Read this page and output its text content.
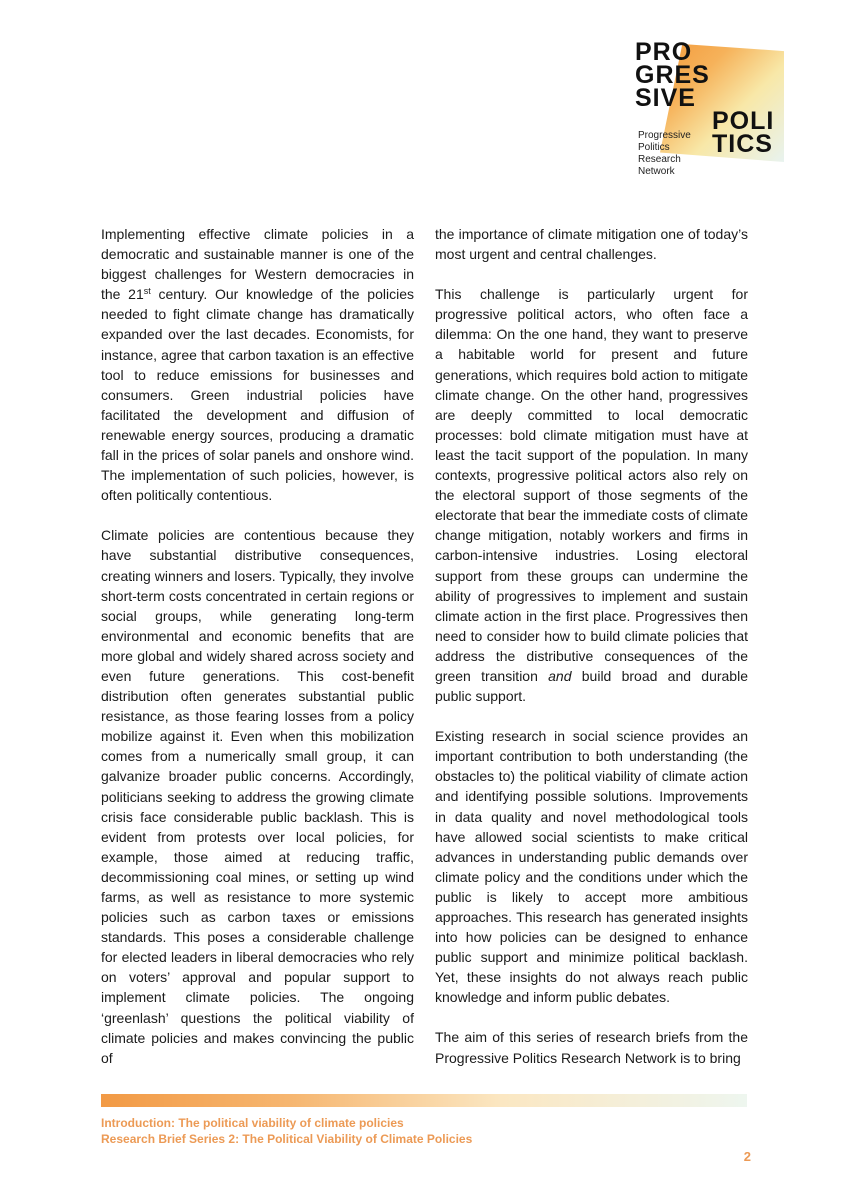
PRO
GRES
SIVE
POLI
TICS
Progressive
Politics
Research
Network

Implementing effective climate policies in a democratic and sustainable manner is one of the biggest challenges for Western democracies in the 21st century. Our knowledge of the policies needed to fight climate change has dramatically expanded over the last decades. Economists, for instance, agree that carbon taxation is an effective tool to reduce emissions for businesses and consumers. Green industrial policies have facilitated the development and diffusion of renewable energy sources, producing a dramatic fall in the prices of solar panels and onshore wind. The implementation of such policies, however, is often politically contentious.

Climate policies are contentious because they have substantial distributive consequences, creating winners and losers. Typically, they involve short-term costs concentrated in certain regions or social groups, while generating long-term environmental and economic benefits that are more global and widely shared across society and even future generations. This cost-benefit distribution often generates substantial public resistance, as those fearing losses from a policy mobilize against it. Even when this mobilization comes from a numerically small group, it can galvanize broader public concerns. Accordingly, politicians seeking to address the growing climate crisis face considerable public backlash. This is evident from protests over local policies, for example, those aimed at reducing traffic, decommissioning coal mines, or setting up wind farms, as well as resistance to more systemic policies such as carbon taxes or emissions standards. This poses a considerable challenge for elected leaders in liberal democracies who rely on voters’ approval and popular support to implement climate policies. The ongoing ‘greenlash’ questions the political viability of climate policies and makes convincing the public of

the importance of climate mitigation one of today’s most urgent and central challenges.

This challenge is particularly urgent for progressive political actors, who often face a dilemma: On the one hand, they want to preserve a habitable world for present and future generations, which requires bold action to mitigate climate change. On the other hand, progressives are deeply committed to local democratic processes: bold climate mitigation must have at least the tacit support of the population. In many contexts, progressive political actors also rely on the electoral support of those segments of the electorate that bear the immediate costs of climate change mitigation, notably workers and firms in carbon-intensive industries. Losing electoral support from these groups can undermine the ability of progressives to implement and sustain climate action in the first place. Progressives then need to consider how to build climate policies that address the distributive consequences of the green transition and build broad and durable public support.

Existing research in social science provides an important contribution to both understanding (the obstacles to) the political viability of climate action and identifying possible solutions. Improvements in data quality and novel methodological tools have allowed social scientists to make critical advances in understanding public demands over climate policy and the conditions under which the public is likely to accept more ambitious approaches. This research has generated insights into how policies can be designed to enhance public support and minimize political backlash. Yet, these insights do not always reach public knowledge and inform public debates.

The aim of this series of research briefs from the Progressive Politics Research Network is to bring

Introduction: The political viability of climate policies
Research Brief Series 2: The Political Viability of Climate Policies
2
